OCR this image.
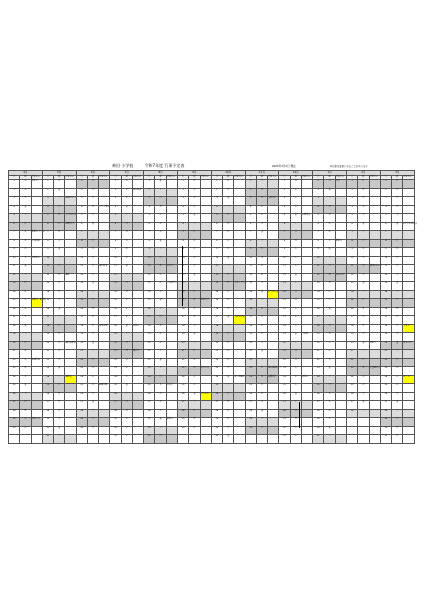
神田 小学校	令和7年度 行事予定表	2025年3月5日 現在	※行事は変更になることがあります
4月			5月			6月			7月			8月			9月			10月			11月			12月			1月			2月			3月		
日	曜	行事予定	日	曜	行事予定	日	曜	行事予定	日	曜	行事予定	日	曜	行事予定	日	曜	行事予定	日	曜	行事予定	日	曜	行事予定	日	曜	行事予定	日	曜	行事予定	日	曜	行事予定	日	曜	行事予定
1	火	着任式	1	木		1	日		1	火		1	金		1	月		1	水		1	土		1	月		1	木	元日	1	日		1	日	
2	水		2	金		2	月		2	水	個人懇談	2	土		2	火		2	木		2	日		2	火		2	金		2	月		2	月	
3	木		3	土	憲法記念日	3	火		3	木		3	日		3	水		3	金		3	月	文化の日	3	水		3	土		3	火		3	火	
4	金		4	日		4	水	プール清掃	4	金		4	月		4	木		4	土		4	火		4	木		4	日		4	水		4	水	
5	土		5	月	こどもの日	5	木		5	土		5	火		5	金		5	日		5	水		5	金	人権集会	5	月		5	木		5	木	
6	日		6	火	振替休日	6	金		6	日		6	水		6	土		6	月		6	木		6	土		6	火		6	金		6	金	6年生を送る会
7	月	始業式 入学式	7	水		7	土		7	月		7	木		7	日		7	火		7	金		7	日		7	水		7	土		7	土	
8	火	給食開始	8	木		8	日		8	火		8	金		8	月		8	水		8	土		8	月		8	木	始業式	8	日		8	日	
9	水		9	金		9	月		9	水		9	土		9	火		9	木		9	日		9	火		9	金		9	月		9	月	
10	木	身体測定	10	土		10	火		10	木		10	日		10	水		10	金		10	月		10	水		10	土		10	火		10	火	
11	金		11	日		11	水	歯科検診	11	金		11	月	山の日	11	木		11	土		11	火		11	木		11	日		11	水	建国記念の日	11	水	
12	土		12	月	遠足	12	木		12	土		12	火		12	金		12	日		12	水		12	金		12	月	成人の日	12	木		12	木	
13	日		13	火		13	金		13	日		13	水	学校閉庁日	13	土		13	月	スポーツの日	13	木		13	土		13	火		13	金		13	金	
14	月		14	水		14	土		14	月		14	木		14	日		14	火		14	金	持久走大会	14	日		14	水		14	土		14	土	
15	火	参観日・懇談会	15	木		15	日		15	火		15	金		15	月	敬老の日	15	水		15	土		15	月		15	木		15	日		15	日	
16	水		16	金		16	月		16	水		16	土		16	火		16	木		16	日		16	火		16	金		16	月		16	月	
17	木		17	土		17	火		17	木		17	日		17	水		17	金	学習発表会	17	月		17	水		17	土		17	火		17	火	
18	金		18	日		18	水	授業参観	18	金	終業式	18	月		18	木		18	土		18	火		18	木		18	日		18	水		18	水	卒業式
19	土		19	月		19	木		19	土		19	火		19	金		19	日		19	水		19	金	大掃除	19	月		19	木		19	木	
20	日		20	火	運動会練習	20	金		20	日		20	水		20	土		20	月		20	木		20	土		20	火		20	金	参観日	20	金	春分の日
21	月		21	水		21	土		21	月	海の日	21	木		21	日		21	火		21	金		21	日		21	水		21	土		21	土	
22	火	家庭訪問	22	木		22	日		22	火		22	金		22	月		22	水		22	土		22	月		22	木		22	日		22	日	
23	水		23	金		23	月		23	水		23	土		23	火	秋分の日	23	木		23	日	勤労感謝の日	23	火		23	金		23	月	天皇誕生日	23	月	
24	木		24	土	運動会	24	火		24	木		24	日		24	水		24	金	就学時健診	24	月	振替休日	24	水	終業式	24	土		24	火		24	火	修了式
25	金		25	日		25	水	避難訓練	25	金		25	月	出校日	25	木		25	土		25	火		25	木		25	日		25	水		25	水	
26	土		26	月		26	木		26	土		26	火		26	金	修学旅行	26	日		26	水		26	金		26	月		26	木		26	木	
27	日		27	火		27	金		27	日		27	水		27	土		27	月		27	木		27	土		27	火		27	金		27	金	
28	月		28	水		28	土		28	月		28	木		28	日		28	火		28	金		28	日		28	水		28	土		28	土	
29	火	昭和の日	29	木		29	日		29	火		29	金	始業式	29	月		29	水		29	土		29	月		29	木					29	日	
30	水		30	金		30	月		30	水		30	土		30	火		30	木		30	日		30	火		30	金					30	月	
			31	土					31	木		31	日					31	金					31	水		31	土					31	火	
